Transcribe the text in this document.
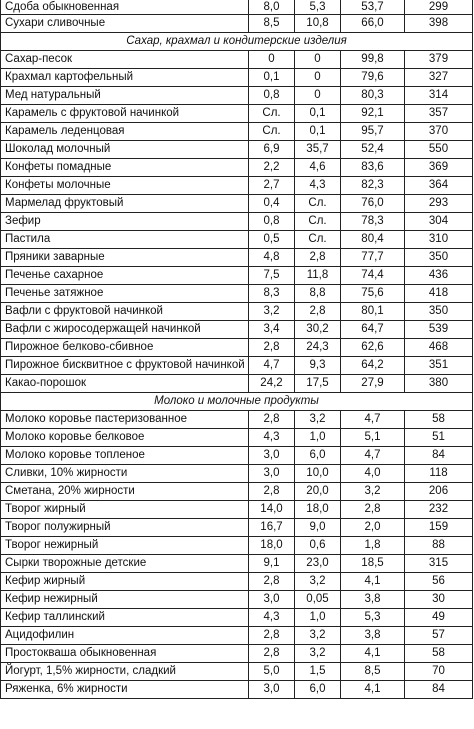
Сдоба обыкновенная	8,0	5,3	53,7	299
Сухари сливочные	8,5	10,8	66,0	398
Сахар, крахмал и кондитерские изделия				
Сахар-песок	0	0	99,8	379
Крахмал картофельный	0,1	0	79,6	327
Мед натуральный	0,8	0	80,3	314
Карамель с фруктовой начинкой	Сл.	0,1	92,1	357
Карамель леденцовая	Сл.	0,1	95,7	370
Шоколад молочный	6,9	35,7	52,4	550
Конфеты помадные	2,2	4,6	83,6	369
Конфеты молочные	2,7	4,3	82,3	364
Мармелад фруктовый	0,4	Сл.	76,0	293
Зефир	0,8	Сл.	78,3	304
Пастила	0,5	Сл.	80,4	310
Пряники заварные	4,8	2,8	77,7	350
Печенье сахарное	7,5	11,8	74,4	436
Печенье затяжное	8,3	8,8	75,6	418
Вафли с фруктовой начинкой	3,2	2,8	80,1	350
Вафли с жиросодержащей начинкой	3,4	30,2	64,7	539
Пирожное белково-сбивное	2,8	24,3	62,6	468
Пирожное бисквитное с фруктовой начинкой	4,7	9,3	64,2	351
Какао-порошок	24,2	17,5	27,9	380
Молоко и молочные продукты				
Молоко коровье пастеризованное	2,8	3,2	4,7	58
Молоко коровье белковое	4,3	1,0	5,1	51
Молоко коровье топленое	3,0	6,0	4,7	84
Сливки, 10% жирности	3,0	10,0	4,0	118
Сметана, 20% жирности	2,8	20,0	3,2	206
Творог жирный	14,0	18,0	2,8	232
Творог полужирный	16,7	9,0	2,0	159
Творог нежирный	18,0	0,6	1,8	88
Сырки творожные детские	9,1	23,0	18,5	315
Кефир жирный	2,8	3,2	4,1	56
Кефир нежирный	3,0	0,05	3,8	30
Кефир таллинский	4,3	1,0	5,3	49
Ацидофилин	2,8	3,2	3,8	57
Простокваша обыкновенная	2,8	3,2	4,1	58
Йогурт, 1,5% жирности, сладкий	5,0	1,5	8,5	70
Ряженка, 6% жирности	3,0	6,0	4,1	84
